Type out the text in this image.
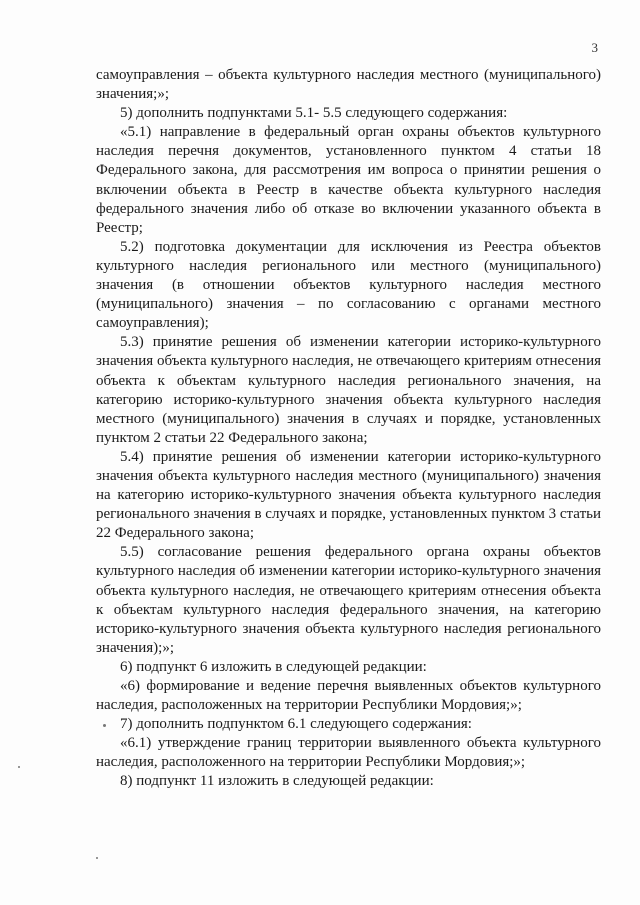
3

самоуправления – объекта культурного наследия местного (муниципального) значения;»;

5) дополнить подпунктами 5.1- 5.5 следующего содержания:

«5.1) направление в федеральный орган охраны объектов культурного наследия перечня документов, установленного пунктом 4 статьи 18 Федерального закона, для рассмотрения им вопроса о принятии решения о включении объекта в Реестр в качестве объекта культурного наследия федерального значения либо об отказе во включении указанного объекта в Реестр;

5.2) подготовка документации для исключения из Реестра объектов культурного наследия регионального или местного (муниципального) значения (в отношении объектов культурного наследия местного (муниципального) значения – по согласованию с органами местного самоуправления);

5.3) принятие решения об изменении категории историко-культурного значения объекта культурного наследия, не отвечающего критериям отнесения объекта к объектам культурного наследия регионального значения, на категорию историко-культурного значения объекта культурного наследия местного (муниципального) значения в случаях и порядке, установленных пунктом 2 статьи 22 Федерального закона;

5.4) принятие решения об изменении категории историко-культурного значения объекта культурного наследия местного (муниципального) значения на категорию историко-культурного значения объекта культурного наследия регионального значения в случаях и порядке, установленных пунктом 3 статьи 22 Федерального закона;

5.5) согласование решения федерального органа охраны объектов культурного наследия об изменении категории историко-культурного значения объекта культурного наследия, не отвечающего критериям отнесения объекта к объектам культурного наследия федерального значения, на категорию историко-культурного значения объекта культурного наследия регионального значения);»;

6) подпункт 6 изложить в следующей редакции:

«6) формирование и ведение перечня выявленных объектов культурного наследия, расположенных на территории Республики Мордовия;»;

7) дополнить подпунктом 6.1 следующего содержания:

«6.1) утверждение границ территории выявленного объекта культурного наследия, расположенного на территории Республики Мордовия;»;

8) подпункт 11 изложить в следующей редакции:
